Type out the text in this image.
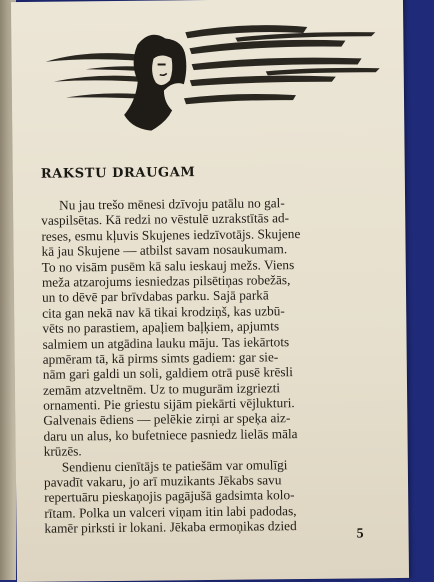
RAKSTU DRAUGAM
Nu jau trešo mēnesi dzīvoju patālu no gal-
vaspilsētas. Kā redzi no vēstulē uzrakstītās ad-
reses, esmu kļuvis Skujenes iedzīvotājs. Skujene
kā jau Skujene — atbilst savam nosaukumam.
To no visām pusēm kā salu ieskauj mežs. Viens
meža atzarojums iesniedzas pilsētiņas robežās,
un to dēvē par brīvdabas parku. Sajā parkā
cita gan nekā nav kā tikai krodziņš, kas uzbū-
vēts no parastiem, apaļiem baļķiem, apjumts
salmiem un atgādina lauku māju. Tas iekārtots
apmēram tā, kā pirms simts gadiem: gar sie-
nām gari galdi un soli, galdiem otrā pusē krēsli
zemām atzveltnēm. Uz to mugurām izgriezti
ornamenti. Pie griestu sijām piekārti vējlukturi.
Galvenais ēdiens — pelēkie zirņi ar speķa aiz-
daru un alus, ko bufetniece pasniedz lielās māla
krūzēs.
Sendienu cienītājs te patiešām var omulīgi
pavadīt vakaru, jo arī muzikants Jēkabs savu
repertuāru pieskaņojis pagājušā gadsimta kolo-
rītam. Polka un valceri viņam itin labi padodas,
kamēr pirksti ir lokani. Jēkaba ermoņikas dzied	5
